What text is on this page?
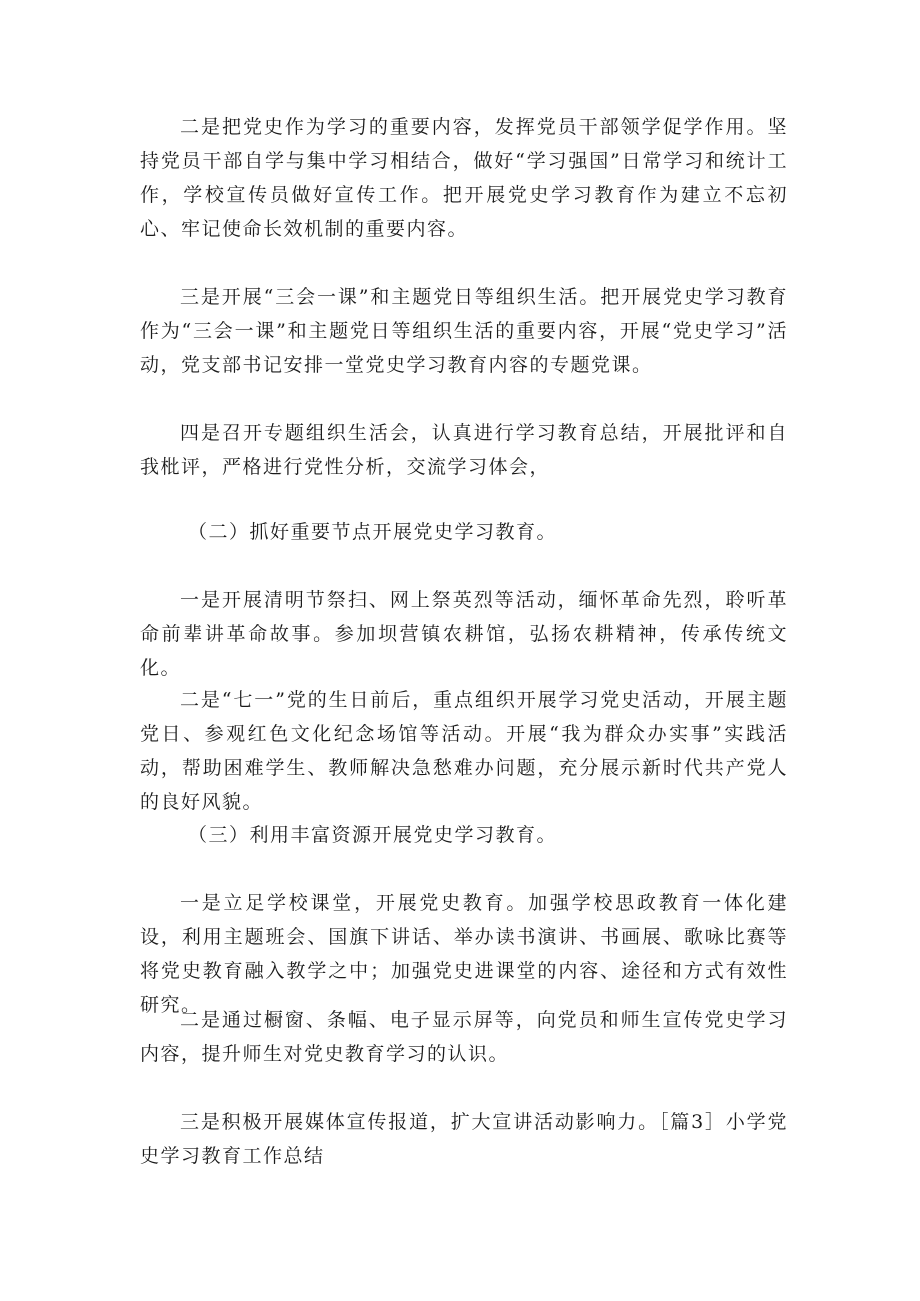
二是把党史作为学习的重要内容，发挥党员干部领学促学作用。坚持党员干部自学与集中学习相结合，做好“学习强国”日常学习和统计工作，学校宣传员做好宣传工作。把开展党史学习教育作为建立不忘初心、牢记使命长效机制的重要内容。

三是开展“三会一课”和主题党日等组织生活。把开展党史学习教育作为“三会一课”和主题党日等组织生活的重要内容，开展“党史学习”活动，党支部书记安排一堂党史学习教育内容的专题党课。

四是召开专题组织生活会，认真进行学习教育总结，开展批评和自我枇评，严格进行党性分析，交流学习体会，

（二）抓好重要节点开展党史学习教育。

一是开展清明节祭扫、网上祭英烈等活动，缅怀革命先烈，聆听革命前辈讲革命故事。参加坝营镇农耕馆，弘扬农耕精神，传承传统文化。

二是“七一”党的生日前后，重点组织开展学习党史活动，开展主题党日、参观红色文化纪念场馆等活动。开展“我为群众办实事”实践活动，帮助困难学生、教师解决急愁难办问题，充分展示新时代共产党人的良好风貌。

（三）利用丰富资源开展党史学习教育。

一是立足学校课堂，开展党史教育。加强学校思政教育一体化建设，利用主题班会、国旗下讲话、举办读书演讲、书画展、歌咏比赛等将党史教育融入教学之中；加强党史进课堂的内容、途径和方式有效性研究。

二是通过橱窗、条幅、电子显示屏等，向党员和师生宣传党史学习内容，提升师生对党史教育学习的认识。

三是积极开展媒体宣传报道，扩大宣讲活动影响力。［篇3］小学党史学习教育工作总结
